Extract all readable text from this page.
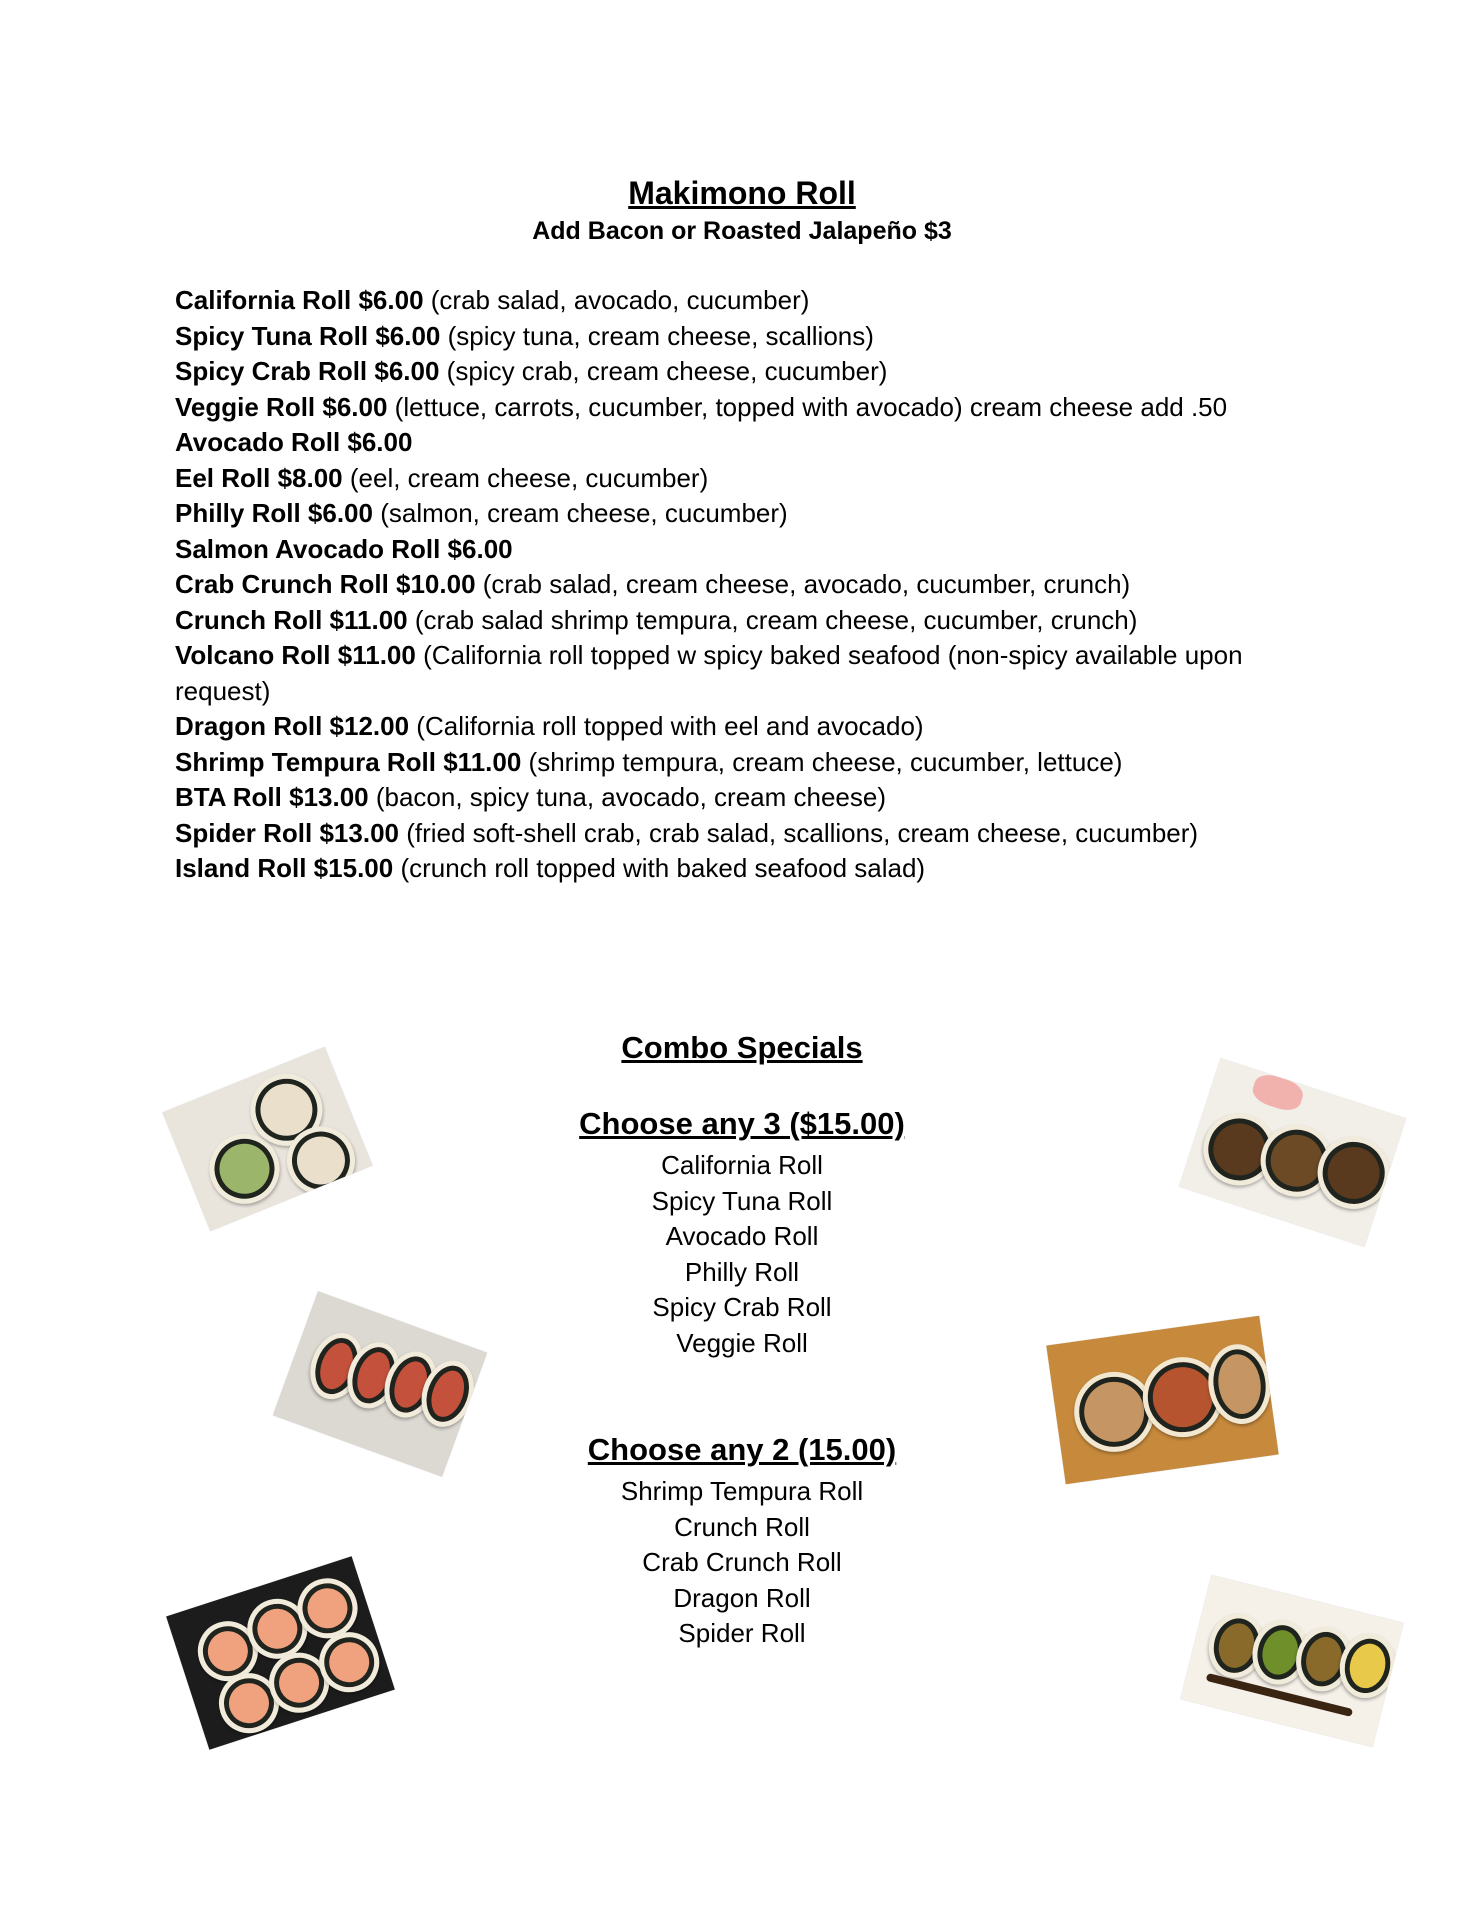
Makimono Roll
Add Bacon or Roasted Jalapeño $3
California Roll $6.00 (crab salad, avocado, cucumber)
Spicy Tuna Roll $6.00 (spicy tuna, cream cheese, scallions)
Spicy Crab Roll $6.00 (spicy crab, cream cheese, cucumber)
Veggie Roll $6.00 (lettuce, carrots, cucumber, topped with avocado) cream cheese add .50
Avocado Roll $6.00
Eel Roll $8.00 (eel, cream cheese, cucumber)
Philly Roll $6.00 (salmon, cream cheese, cucumber)
Salmon Avocado Roll $6.00
Crab Crunch Roll $10.00 (crab salad, cream cheese, avocado, cucumber, crunch)
Crunch Roll $11.00 (crab salad shrimp tempura, cream cheese, cucumber, crunch)
Volcano Roll $11.00 (California roll topped w spicy baked seafood (non-spicy available upon request)
Dragon Roll $12.00 (California roll topped with eel and avocado)
Shrimp Tempura Roll $11.00 (shrimp tempura, cream cheese, cucumber, lettuce)
BTA Roll $13.00 (bacon, spicy tuna, avocado, cream cheese)
Spider Roll $13.00 (fried soft-shell crab, crab salad, scallions, cream cheese, cucumber)
Island Roll $15.00 (crunch roll topped with baked seafood salad)
Combo Specials
Choose any 3 ($15.00)
California Roll
Spicy Tuna Roll
Avocado Roll
Philly Roll
Spicy Crab Roll
Veggie Roll
Choose any 2 (15.00)
Shrimp Tempura Roll
Crunch Roll
Crab Crunch Roll
Dragon Roll
Spider Roll
